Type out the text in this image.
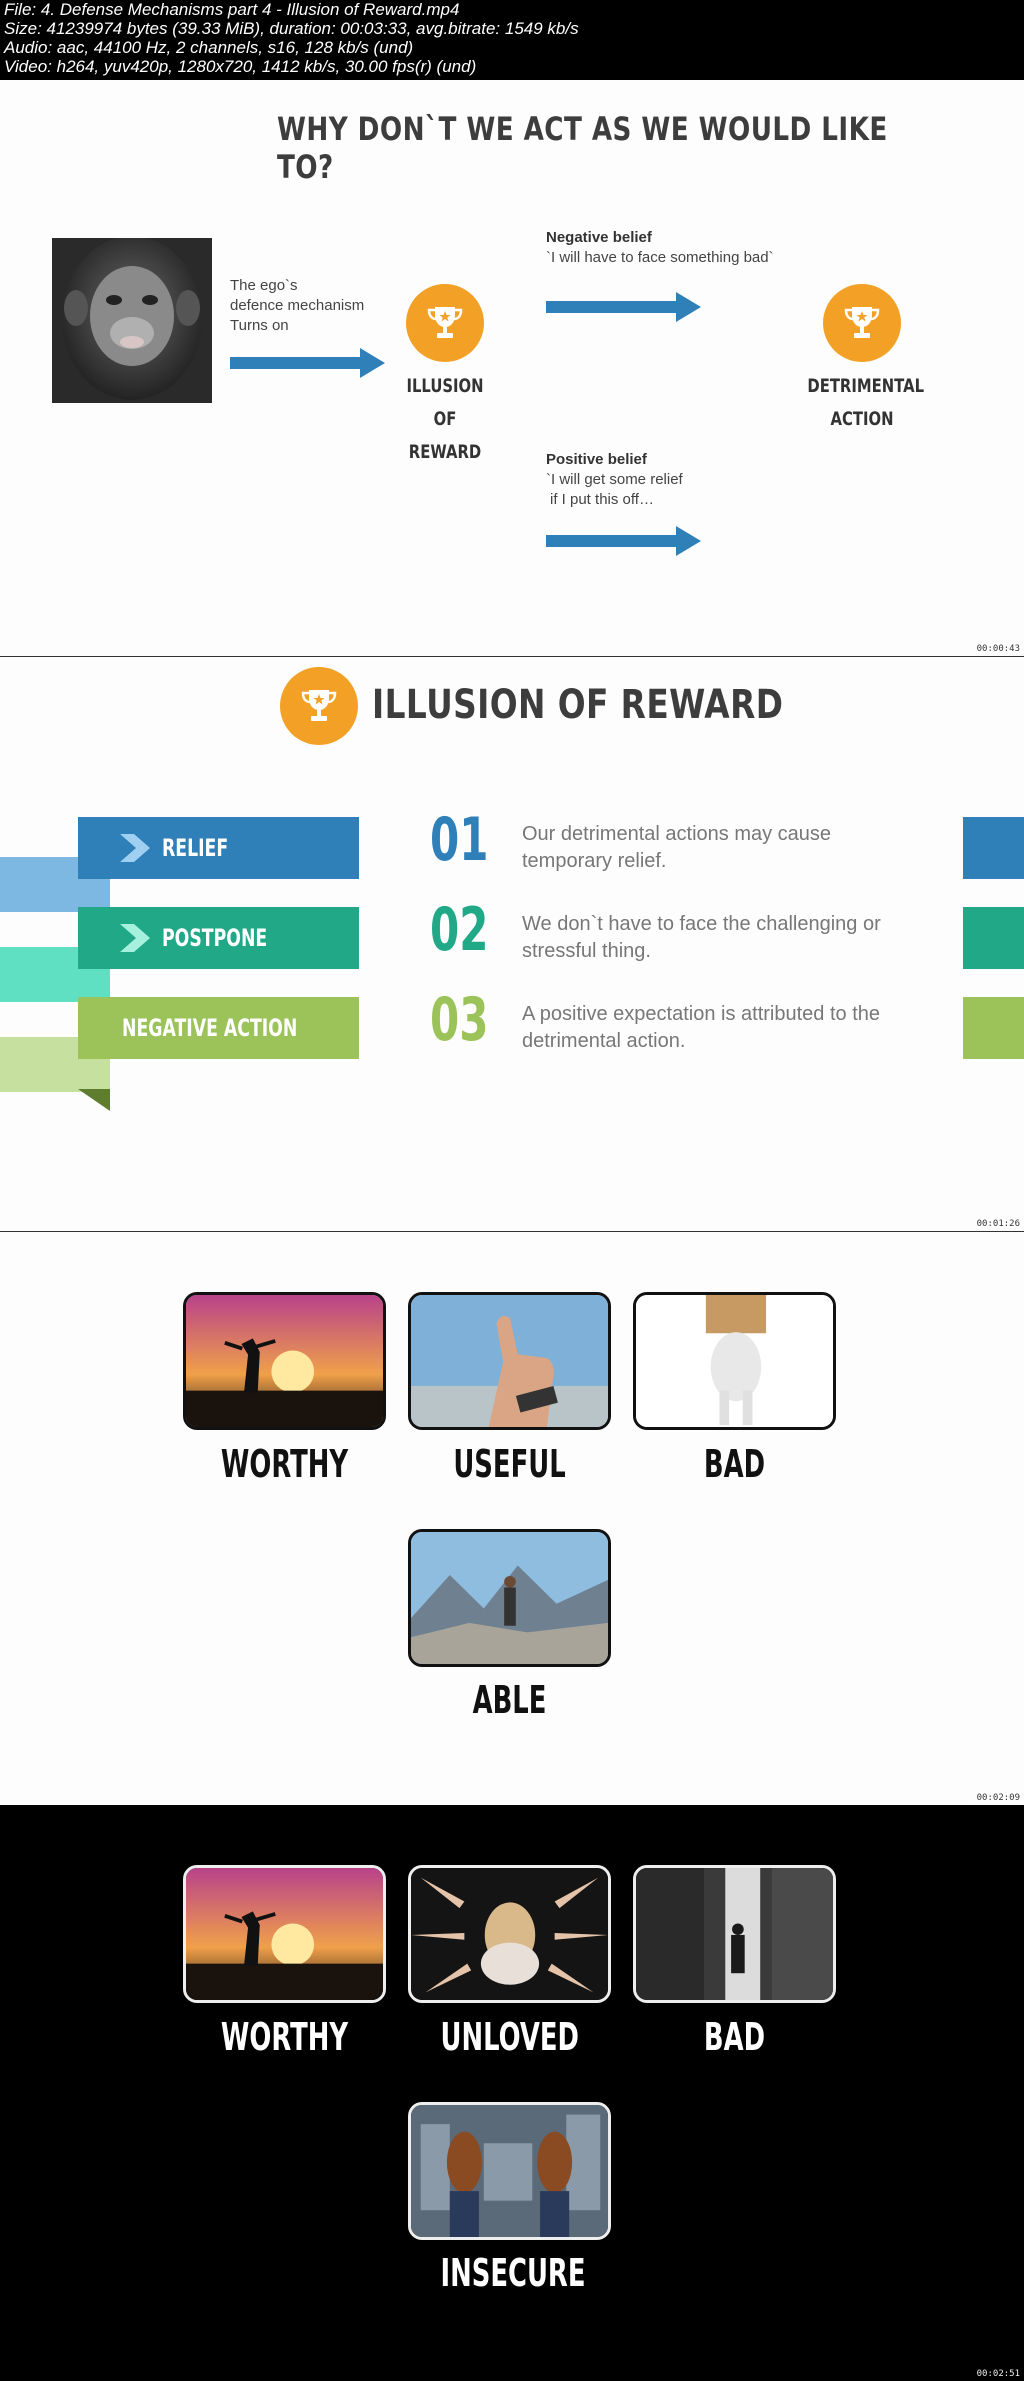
File: 4. Defense Mechanisms part 4 - Illusion of Reward.mp4
Size: 41239974 bytes (39.33 MiB), duration: 00:03:33, avg.bitrate: 1549 kb/s
Audio: aac, 44100 Hz, 2 channels, s16, 128 kb/s (und)
Video: h264, yuv420p, 1280x720, 1412 kb/s, 30.00 fps(r) (und)
WHY DON`T WE ACT AS WE WOULD LIKE TO?
The ego`s
defence mechanism
Turns on
ILLUSION
OF REWARD
Negative belief
`I will have to face something bad`
DETRIMENTAL
ACTION
Positive belief
`I will get some relief
if I put this off…
00:00:43
ILLUSION OF REWARD
RELIEF	01 Our detrimental actions may cause
temporary relief.
POSTPONE	02 We don`t have to face the challenging or
stressful thing.
NEGATIVE ACTION 03 A positive expectation is attributed to the
detrimental action.
00:01:26
WORTHY	USEFUL	BAD
ABLE
00:02:09
WORTHY UNLOVED	BAD
INSECURE
00:02:51
